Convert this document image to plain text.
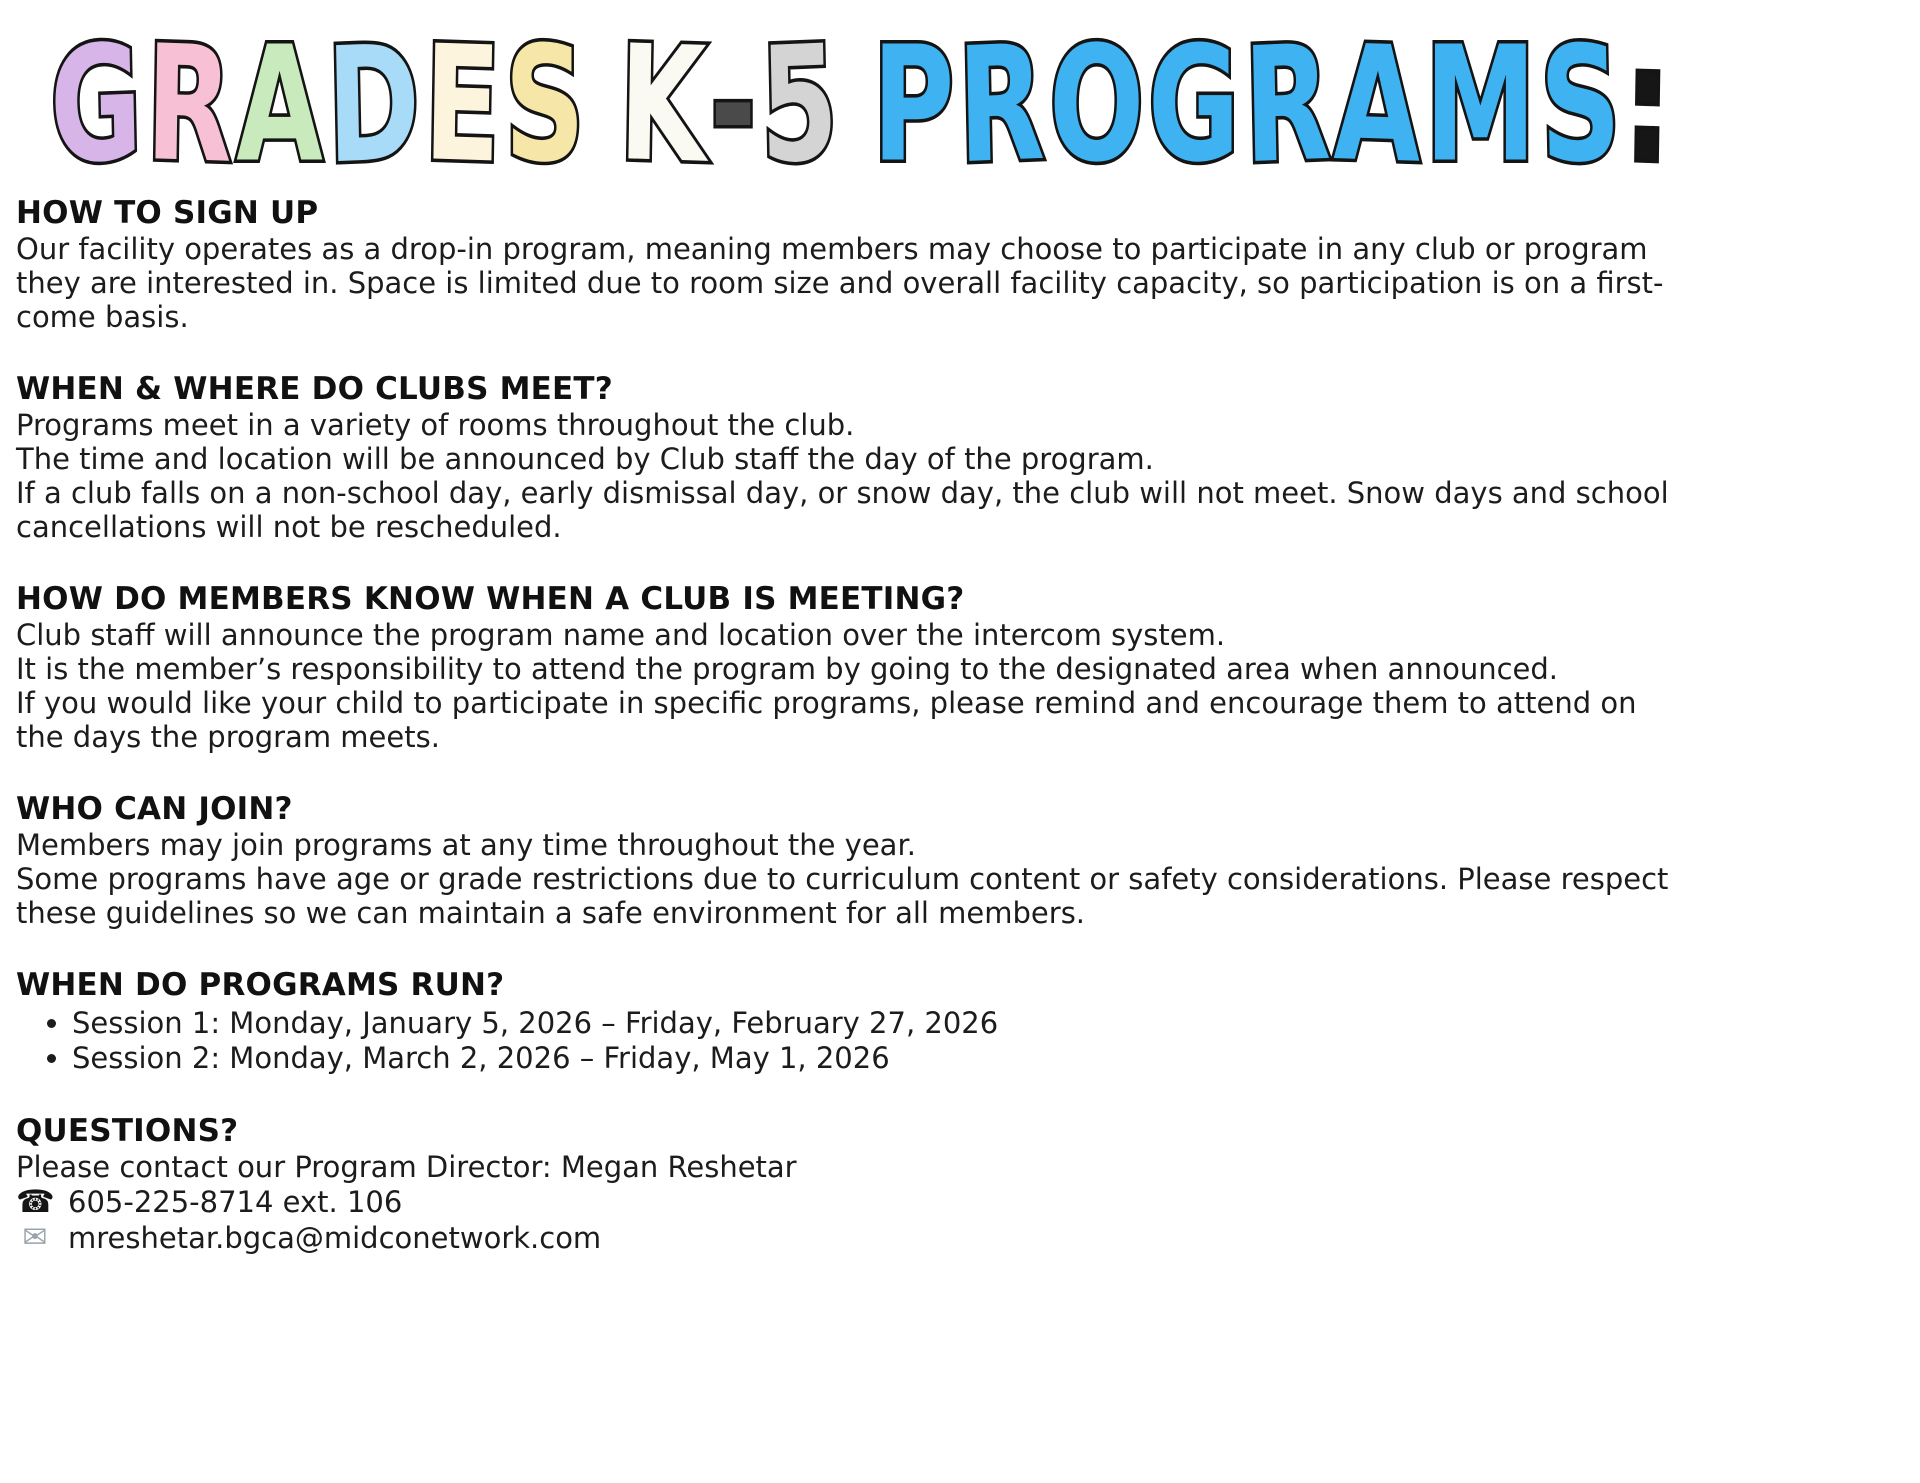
GRADES K-5 PROGRAMS:
HOW TO SIGN UP

Our facility operates as a drop-in program, meaning members may choose to participate in any club or program they are interested in. Space is limited due to room size and overall facility capacity, so participation is on a first-come basis.

WHEN & WHERE DO CLUBS MEET?

Programs meet in a variety of rooms throughout the club.

The time and location will be announced by Club staff the day of the program.

If a club falls on a non-school day, early dismissal day, or snow day, the club will not meet. Snow days and school cancellations will not be rescheduled.

HOW DO MEMBERS KNOW WHEN A CLUB IS MEETING?

Club staff will announce the program name and location over the intercom system.

It is the member’s responsibility to attend the program by going to the designated area when announced.

If you would like your child to participate in specific programs, please remind and encourage them to attend on the days the program meets.

WHO CAN JOIN?

Members may join programs at any time throughout the year.

Some programs have age or grade restrictions due to curriculum content or safety considerations. Please respect these guidelines so we can maintain a safe environment for all members.

WHEN DO PROGRAMS RUN?
• Session 1: Monday, January 5, 2026 – Friday, February 27, 2026
• Session 2: Monday, March 2, 2026 – Friday, May 1, 2026
QUESTIONS?

Please contact our Program Director: Megan Reshetar

☎ 605-225-8714 ext. 106
✉ mreshetar.bgca@midconetwork.com
